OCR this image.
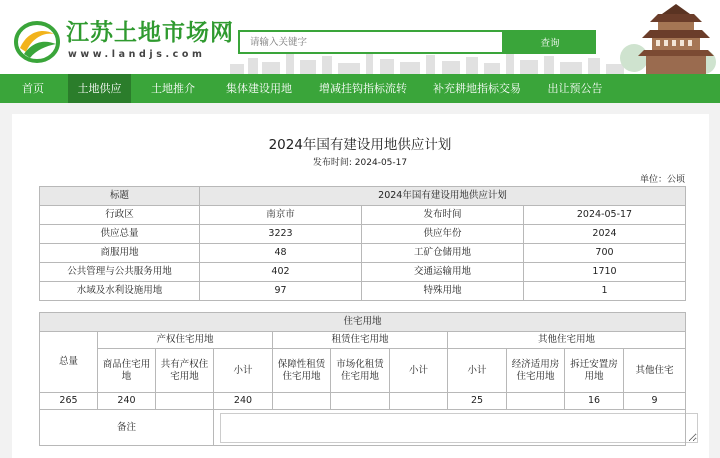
江苏土地市场网
www.landjs.com
请输入关键字
查询
首页	土地供应	土地推介	集体建设用地	增减挂钩指标流转 补充耕地指标交易	出让预公告
2024年国有建设用地供应计划
发布时间: 2024-05-17
单位：公顷
标题	2024年国有建设用地供应计划		
行政区	南京市	发布时间	2024-05-17
供应总量	3223	供应年份	2024
商服用地	48	工矿仓储用地	700
公共管理与公共服务用地	402	交通运输用地	1710
水域及水利设施用地	97	特殊用地	1
住宅用地										
总量	产权住宅用地			租赁住宅用地			其他住宅用地			
	商品住宅用地	共有产权住宅用地	小计	保障性租赁住宅用地	市场化租赁住宅用地	小计	小计	经济适用房住宅用地	拆迁安置房用地	其他住宅
265	240		240				25		16	9
备注	
